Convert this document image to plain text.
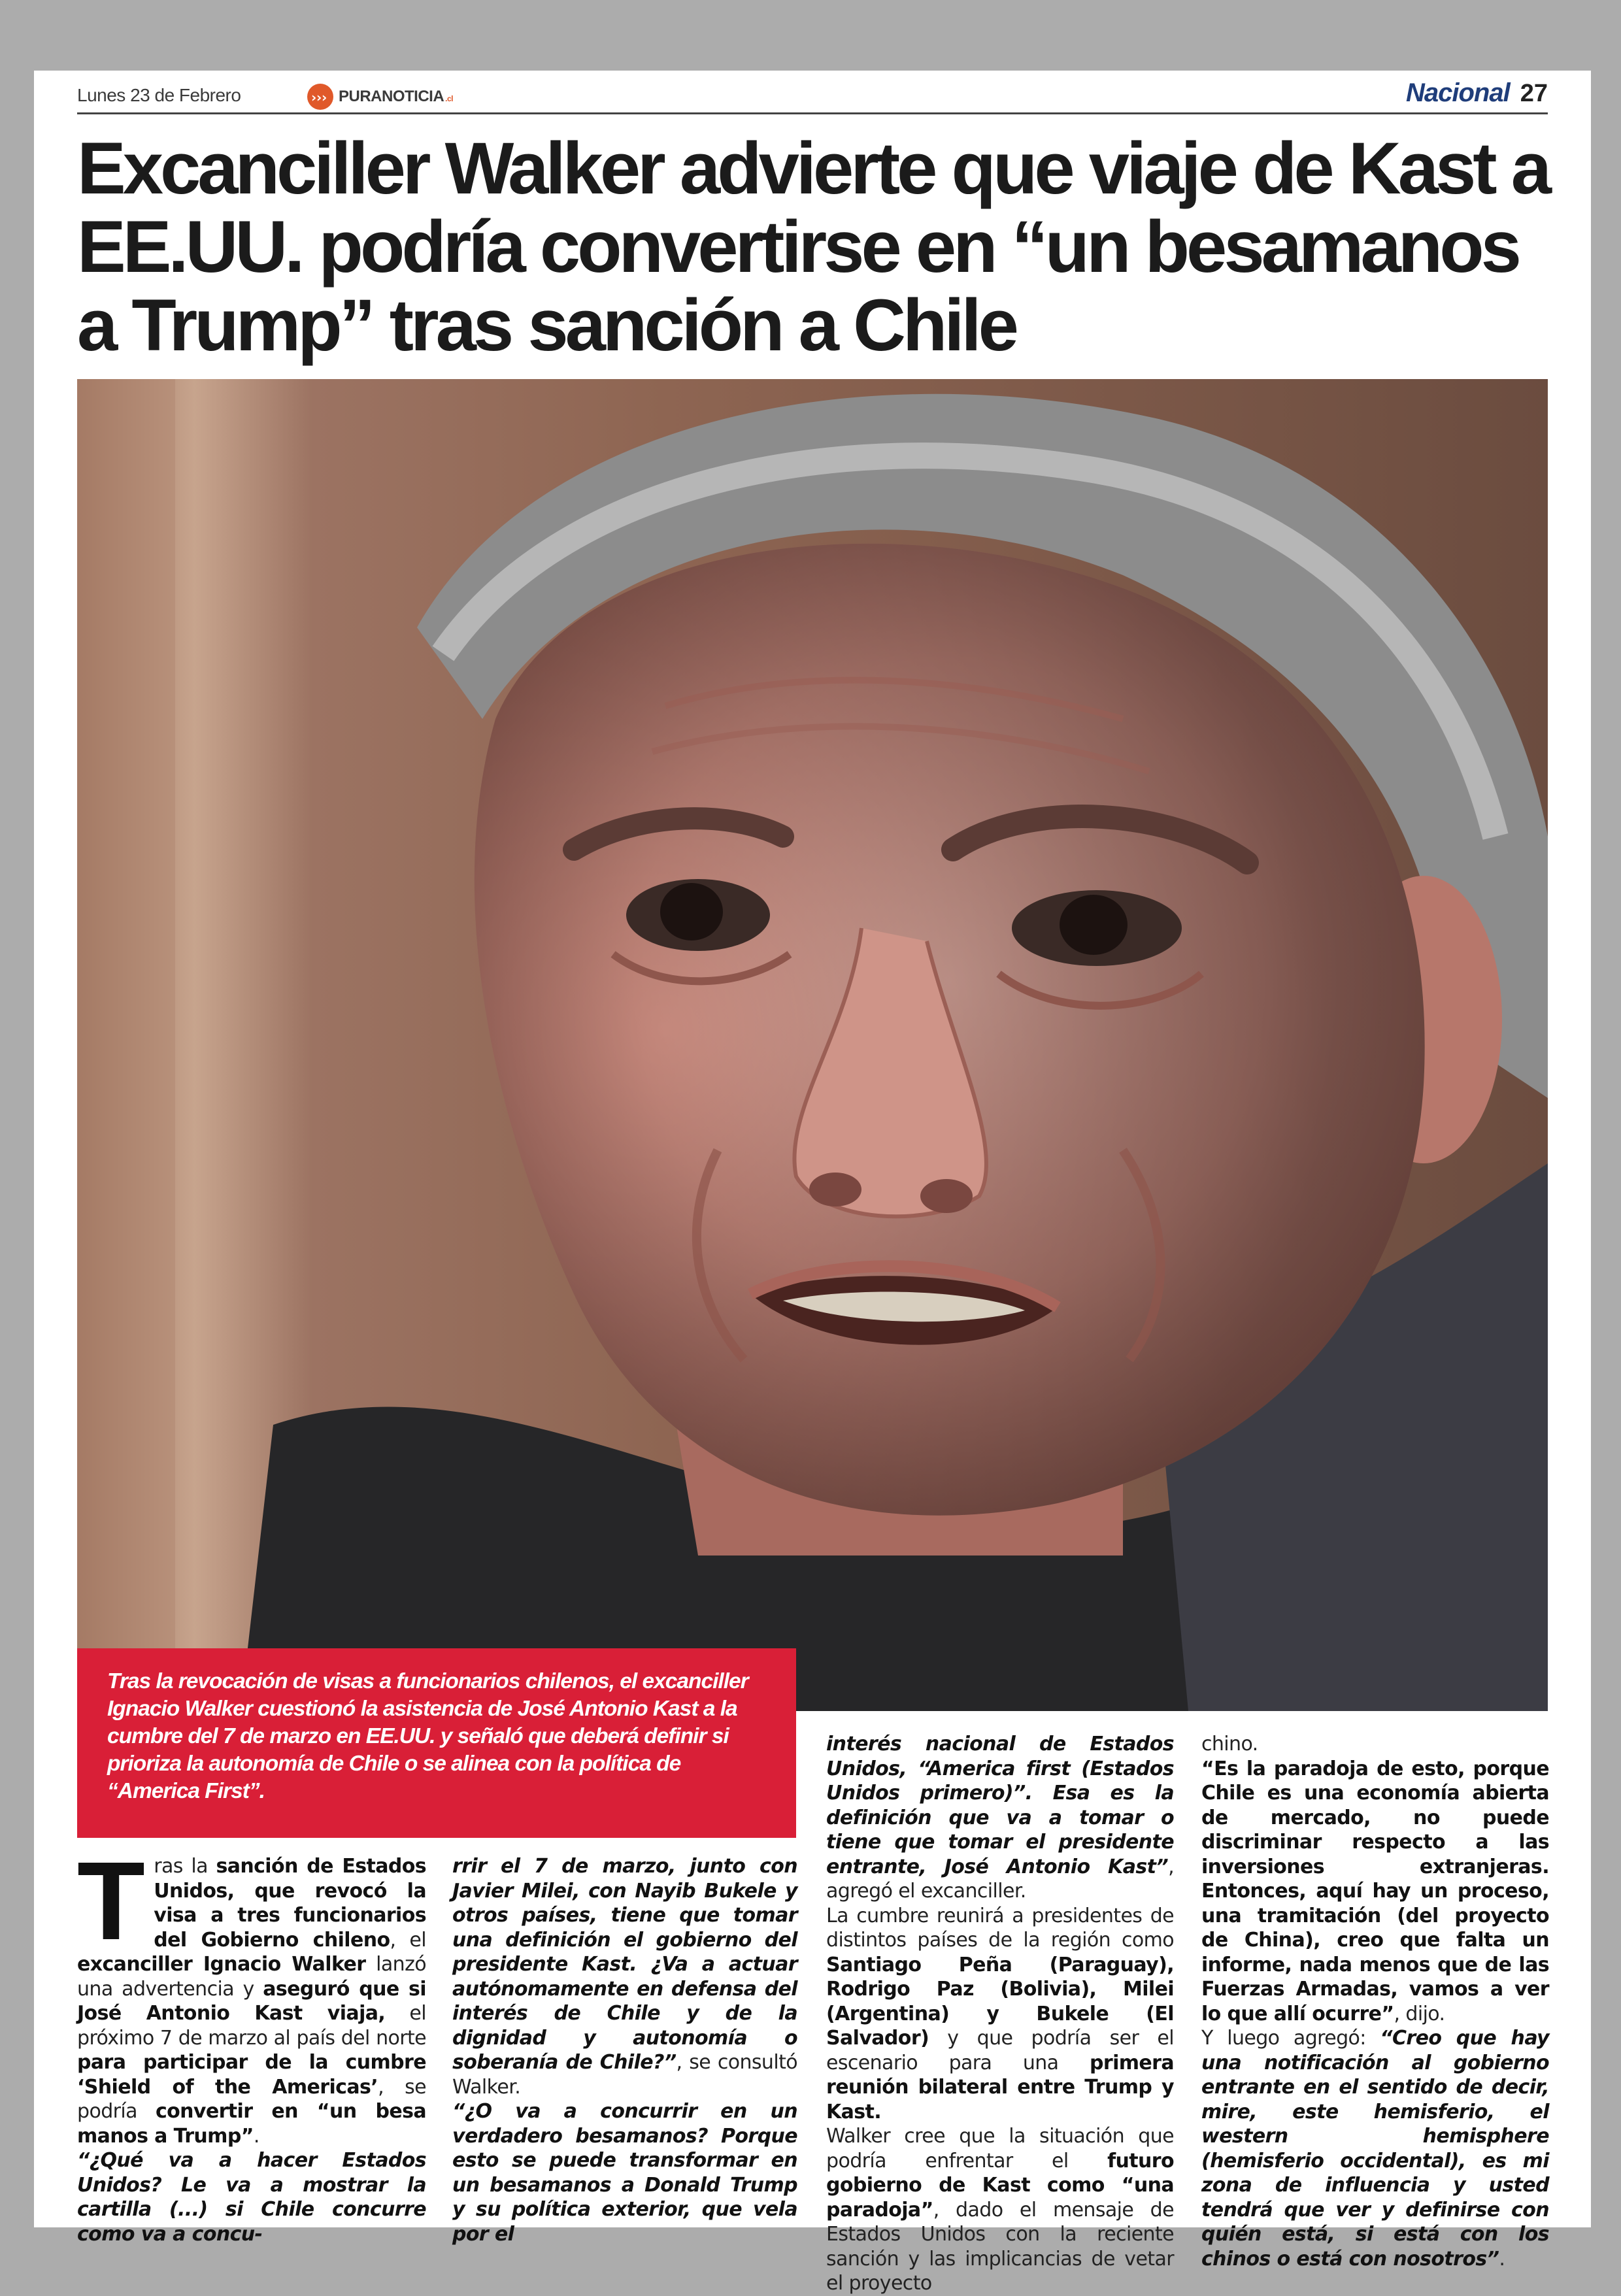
Lunes 23 de Febrero	› › › PURANOTICIA .cl	Nacional 27
Excanciller Walker advierte que viaje de Kast a EE.UU. podría convertirse en “un besamanos a Trump” tras sanción a Chile

Tras la revocación de visas a funcionarios chilenos, el excanciller Ignacio Walker cuestionó la asistencia de José Antonio Kast a la cumbre del 7 de marzo en EE.UU. y señaló que deberá definir si prioriza la autonomía de Chile o se alinea con la política de “America First”.

T ras la sanción de Estados Unidos, que revocó la visa a tres funcionarios del Gobierno chileno, el excanciller Ignacio Walker lanzó una advertencia y aseguró que si José Antonio Kast viaja, el próximo 7 de marzo al país del norte para participar de la cumbre ‘Shield of the Americas’, se podría convertir en “un besa manos a Trump”.
“¿Qué va a hacer Estados Unidos? Le va a mostrar la cartilla (...) si Chile concurre como va a concu-

rrir el 7 de marzo, junto con Javier Milei, con Nayib Bukele y otros países, tiene que tomar una definición el gobierno del presidente Kast. ¿Va a actuar autónomamente en defensa del interés de Chile y de la dignidad y autonomía o soberanía de Chile?”, se consultó Walker.
“¿O va a concurrir en un verdadero besamanos? Porque esto se puede transformar en un besamanos a Donald Trump y su política exterior, que vela por el

interés nacional de Estados Unidos, “America first (Estados Unidos primero)”. Esa es la definición que va a tomar o tiene que tomar el presidente entrante, José Antonio Kast”, agregó el excanciller.
La cumbre reunirá a presidentes de distintos países de la región como Santiago Peña (Paraguay), Rodrigo Paz (Bolivia), Milei (Argentina) y Bukele (El Salvador) y que podría ser el escenario para una primera reunión bilateral entre Trump y Kast.
Walker cree que la situación que podría enfrentar el futuro gobierno de Kast como “una paradoja”, dado el mensaje de Estados Unidos con la reciente sanción y las implicancias de vetar el proyecto

chino.
“Es la paradoja de esto, porque Chile es una economía abierta de mercado, no puede discriminar respecto a las inversiones extranjeras. Entonces, aquí hay un proceso, una tramitación (del proyecto de China), creo que falta un informe, nada menos que de las Fuerzas Armadas, vamos a ver lo que allí ocurre”, dijo.
Y luego agregó: “Creo que hay una notificación al gobierno entrante en el sentido de decir, mire, este hemisferio, el western hemisphere (hemisferio occidental), es mi zona de influencia y usted tendrá que ver y definirse con quién está, si está con los chinos o está con nosotros”.
